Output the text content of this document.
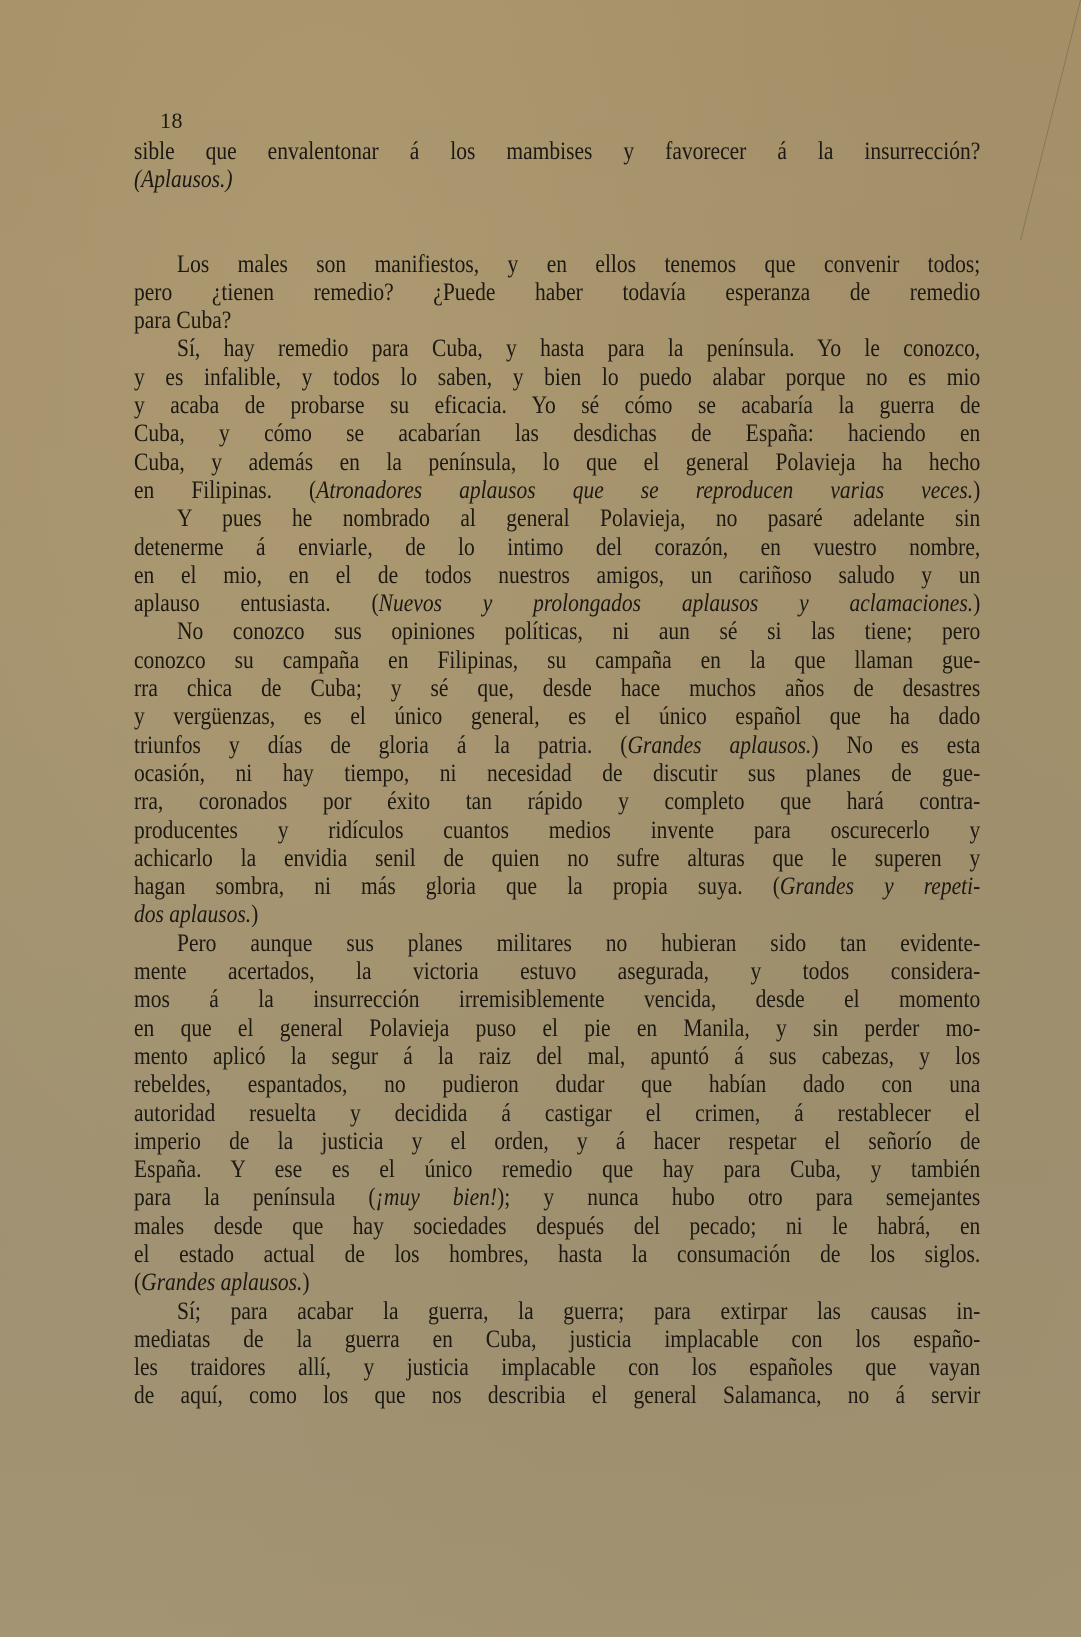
18
sible que envalentonar á los mambises y favorecer á la insurrección?
(Aplausos.)
Los males son manifiestos, y en ellos tenemos que convenir todos;
pero ¿tienen remedio? ¿Puede haber todavía esperanza de remedio
para Cuba?
Sí, hay remedio para Cuba, y hasta para la península. Yo le conozco,
y es infalible, y todos lo saben, y bien lo puedo alabar porque no es mio
y acaba de probarse su eficacia. Yo sé cómo se acabaría la guerra de
Cuba, y cómo se acabarían las desdichas de España: haciendo en
Cuba, y además en la península, lo que el general Polavieja ha hecho
en Filipinas. (Atronadores aplausos que se reproducen varias veces.)
Y pues he nombrado al general Polavieja, no pasaré adelante sin
detenerme á enviarle, de lo intimo del corazón, en vuestro nombre,
en el mio, en el de todos nuestros amigos, un cariñoso saludo y un
aplauso entusiasta. (Nuevos y prolongados aplausos y aclamaciones.)
No conozco sus opiniones políticas, ni aun sé si las tiene; pero
conozco su campaña en Filipinas, su campaña en la que llaman gue-
rra chica de Cuba; y sé que, desde hace muchos años de desastres
y vergüenzas, es el único general, es el único español que ha dado
triunfos y días de gloria á la patria. (Grandes aplausos.) No es esta
ocasión, ni hay tiempo, ni necesidad de discutir sus planes de gue-
rra, coronados por éxito tan rápido y completo que hará contra-
producentes y ridículos cuantos medios invente para oscurecerlo y
achicarlo la envidia senil de quien no sufre alturas que le superen y
hagan sombra, ni más gloria que la propia suya. (Grandes y repeti-
dos aplausos.)
Pero aunque sus planes militares no hubieran sido tan evidente-
mente acertados, la victoria estuvo asegurada, y todos considera-
mos á la insurrección irremisiblemente vencida, desde el momento
en que el general Polavieja puso el pie en Manila, y sin perder mo-
mento aplicó la segur á la raiz del mal, apuntó á sus cabezas, y los
rebeldes, espantados, no pudieron dudar que habían dado con una
autoridad resuelta y decidida á castigar el crimen, á restablecer el
imperio de la justicia y el orden, y á hacer respetar el señorío de
España. Y ese es el único remedio que hay para Cuba, y también
para la península (¡muy bien!); y nunca hubo otro para semejantes
males desde que hay sociedades después del pecado; ni le habrá, en
el estado actual de los hombres, hasta la consumación de los siglos.
(Grandes aplausos.)
Sí; para acabar la guerra, la guerra; para extirpar las causas in-
mediatas de la guerra en Cuba, justicia implacable con los españo-
les traidores allí, y justicia implacable con los españoles que vayan
de aquí, como los que nos describia el general Salamanca, no á servir
